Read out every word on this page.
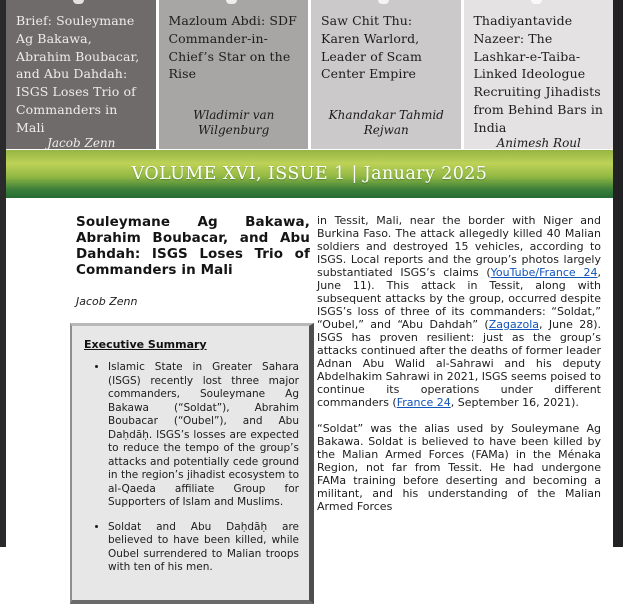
Brief: Souleymane Ag Bakawa, Abrahim Boubacar, and Abu Dahdah: ISGS Loses Trio of Commanders in Mali
Jacob Zenn
Mazloum Abdi: SDF Commander-in-Chief’s Star on the Rise
Wladimir van Wilgenburg
Saw Chit Thu: Karen Warlord, Leader of Scam Center Empire
Khandakar Tahmid Rejwan
Thadiyantavide Nazeer: The Lashkar-e-Taiba-Linked Ideologue Recruiting Jihadists from Behind Bars in India
Animesh Roul
VOLUME XVI, ISSUE 1 | January 2025
Souleymane Ag Bakawa, Abrahim Boubacar, and Abu Dahdah: ISGS Loses Trio of Commanders in Mali
Jacob Zenn
Executive Summary
• Islamic State in Greater Sahara (ISGS) recently lost three major commanders, Souleymane Ag Bakawa (“Soldat”), Abrahim Boubacar (“Oubel”), and Abu Daḥdāḥ. ISGS’s losses are expected to reduce the tempo of the group’s attacks and potentially cede ground in the region’s jihadist ecosystem to al-Qaeda affiliate Group for Supporters of Islam and Muslims.
• Soldat and Abu Daḥdāḥ are believed to have been killed, while Oubel surrendered to Malian troops with ten of his men.

in Tessit, Mali, near the border with Niger and Burkina Faso. The attack allegedly killed 40 Malian soldiers and destroyed 15 vehicles, according to ISGS. Local reports and the group’s photos largely substantiated ISGS’s claims (YouTube/France 24, June 11). This attack in Tessit, along with subsequent attacks by the group, occurred despite ISGS’s loss of three of its commanders: “Soldat,” “Oubel,” and “Abu Dahdah” (Zagazola, June 28). ISGS has proven resilient: just as the group’s attacks continued after the deaths of former leader Adnan Abu Walid al-Sahrawi and his deputy Abdelhakim Sahrawi in 2021, ISGS seems poised to continue its operations under different commanders (France 24, September 16, 2021).

“Soldat” was the alias used by Souleymane Ag Bakawa. Soldat is believed to have been killed by the Malian Armed Forces (FAMa) in the Ménaka Region, not far from Tessit. He had undergone FAMa training before deserting and becoming a militant, and his understanding of the Malian Armed Forces
